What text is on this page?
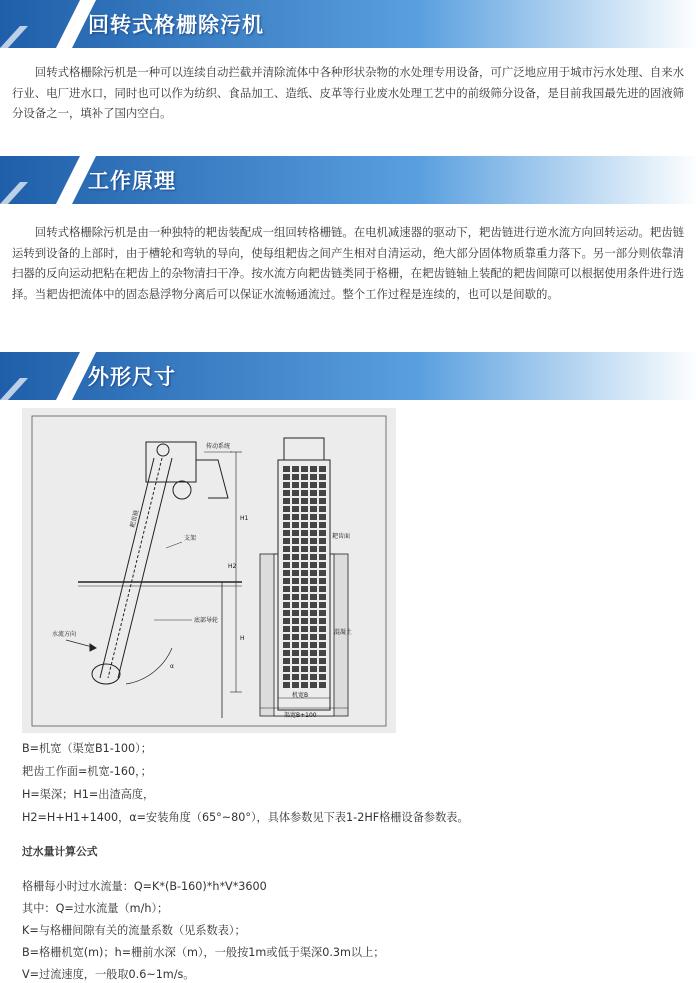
回转式格栅除污机

回转式格栅除污机是一种可以连续自动拦截并清除流体中各种形状杂物的水处理专用设备，可广泛地应用于城市污水处理、自来水行业、电厂进水口，同时也可以作为纺织、食品加工、造纸、皮革等行业废水处理工艺中的前级筛分设备，是目前我国最先进的固液筛分设备之一，填补了国内空白。

工作原理

回转式格栅除污机是由一种独特的耙齿装配成一组回转格栅链。在电机减速器的驱动下，耙齿链进行逆水流方向回转运动。耙齿链运转到设备的上部时，由于槽轮和弯轨的导向，使每组耙齿之间产生相对自清运动，绝大部分固体物质靠重力落下。另一部分则依靠清扫器的反向运动把粘在耙齿上的杂物清扫干净。按水流方向耙齿链类同于格栅，在耙齿链轴上装配的耙齿间隙可以根据使用条件进行选择。当耙齿把流体中的固态悬浮物分离后可以保证水流畅通流过。整个工作过程是连续的，也可以是间歇的。

外形尺寸
传动系统
耙齿链
支架
底部导轮
水流方向
H1
H
H2
α
耙齿面
混凝土
机宽B
渠宽B+100
B=机宽（渠宽B1-100）；
耙齿工作面=机宽-160，；
H=渠深；H1=出渣高度，
H2=H+H1+1400，α=安装角度（65°~80°），具体参数见下表1-2HF格栅设备参数表。
过水量计算公式
格栅每小时过水流量：Q=K*(B-160)*h*V*3600
其中：Q=过水流量（m/h）；
K=与格栅间隙有关的流量系数（见系数表）；
B=格栅机宽(m)；h=栅前水深（m），一般按1m或低于渠深0.3m以上；
V=过流速度，一般取0.6~1m/s。
